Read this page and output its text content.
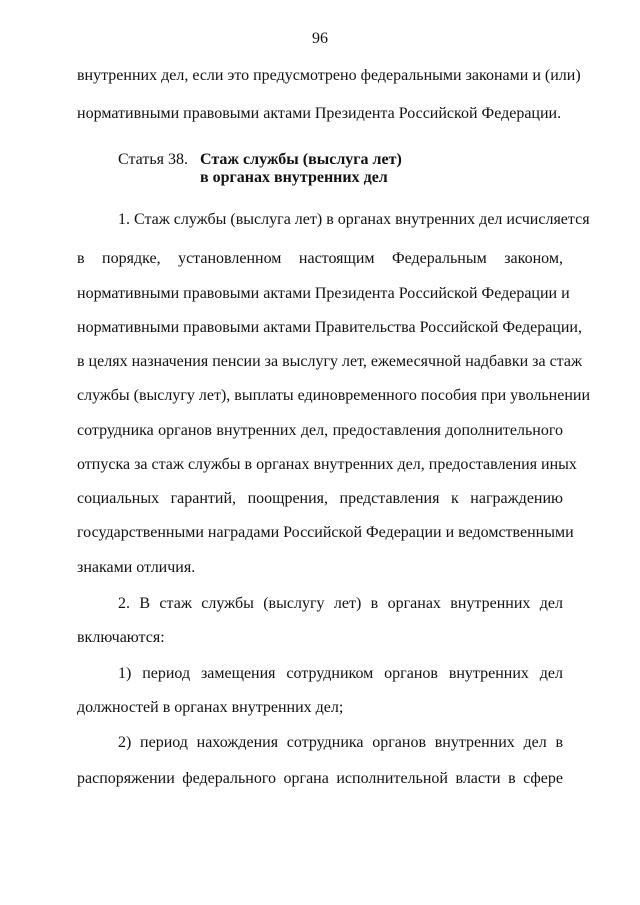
96
внутренних дел, если это предусмотрено федеральными законами и (или)
нормативными правовыми актами Президента Российской Федерации.
Статья 38. Стаж службы (выслуга лет)
в органах внутренних дел
1. Стаж службы (выслуга лет) в органах внутренних дел исчисляется
в порядке, установленном настоящим Федеральным законом,
нормативными правовыми актами Президента Российской Федерации и
нормативными правовыми актами Правительства Российской Федерации,
в целях назначения пенсии за выслугу лет, ежемесячной надбавки за стаж
службы (выслугу лет), выплаты единовременного пособия при увольнении
сотрудника органов внутренних дел, предоставления дополнительного
отпуска за стаж службы в органах внутренних дел, предоставления иных
социальных гарантий, поощрения, представления к награждению
государственными наградами Российской Федерации и ведомственными
знаками отличия.
2. В стаж службы (выслугу лет) в органах внутренних дел
включаются:
1) период замещения сотрудником органов внутренних дел
должностей в органах внутренних дел;
2) период нахождения сотрудника органов внутренних дел в
распоряжении федерального органа исполнительной власти в сфере
